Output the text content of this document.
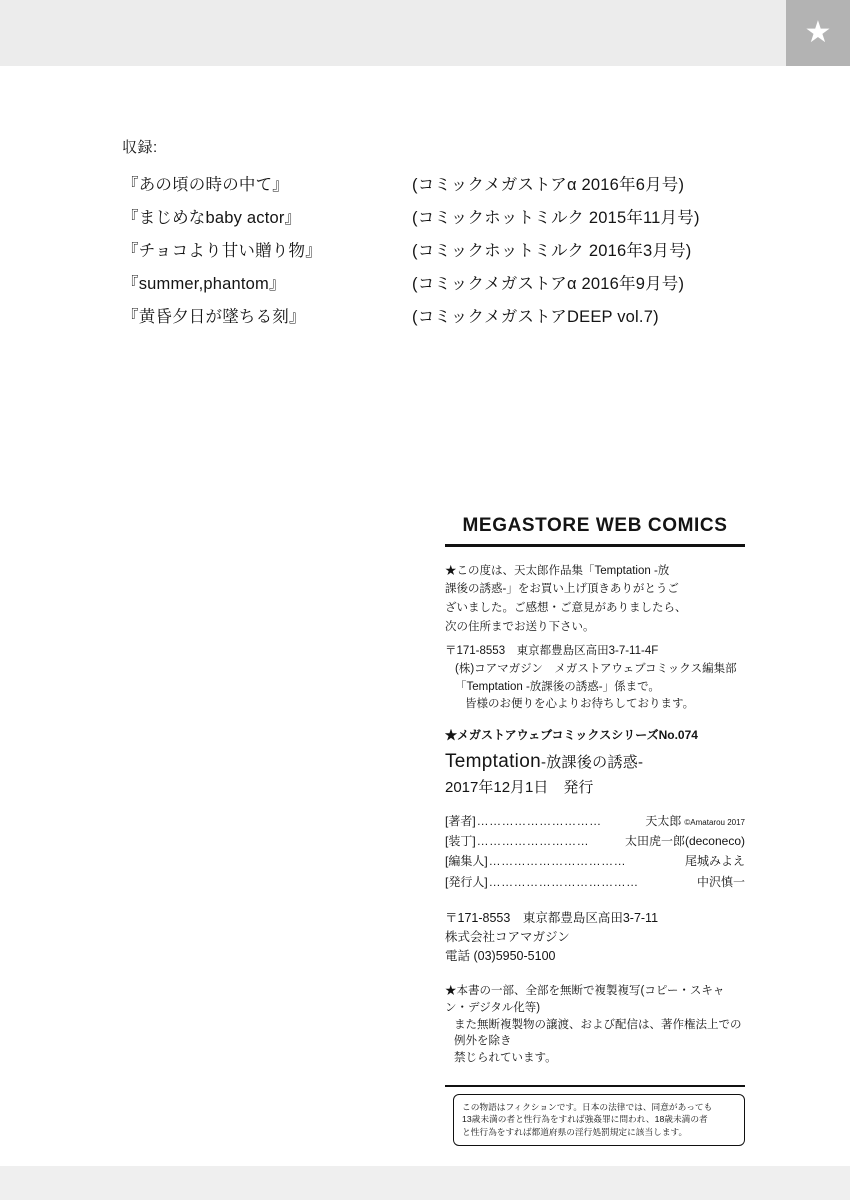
★
収録:
『あの頃の時の中て』	(コミックメガストアα 2016年6月号)
『まじめなbaby actor』	(コミックホットミルク 2015年11月号)
『チョコより甘い贈り物』	(コミックホットミルク 2016年3月号)
『summer,phantom』	(コミックメガストアα 2016年9月号)
『黄昏夕日が墜ちる刻』	(コミックメガストアDEEP vol.7)
MEGASTORE WEB COMICS
★この度は、天太郎作品集「Temptation -放
課後の誘惑-」をお買い上げ頂きありがとうご
ざいました。ご感想・ご意見がありましたら、
次の住所までお送り下さい。
〒171-8553　東京都豊島区高田3-7-11-4F
(株)コアマガジン　メガストアウェブコミックス編集部
「Temptation -放課後の誘惑-」係まで。
皆様のお便りを心よりお待ちしております。
★メガストアウェブコミックスシリーズNo.074
Temptation-放課後の誘惑-
2017年12月1日　発行
[著者] …………………………	天太郎 ©Amatarou 2017
[装丁] ………………………	太田虎一郎(deconeco)
[編集人] ……………………………	尾城みよえ
[発行人] ………………………………	中沢慎一
〒171-8553　東京都豊島区高田3-7-11
株式会社コアマガジン
電話 (03)5950-5100
★本書の一部、全部を無断で複製複写(コピー・スキャン・デジタル化等)
また無断複製物の譲渡、および配信は、著作権法上での例外を除き
禁じられています。
この物語はフィクションです。日本の法律では、同意があっても
13歳未満の者と性行為をすれば強姦罪に問われ、18歳未満の者
と性行為をすれば都道府県の淫行処罰規定に該当します。
